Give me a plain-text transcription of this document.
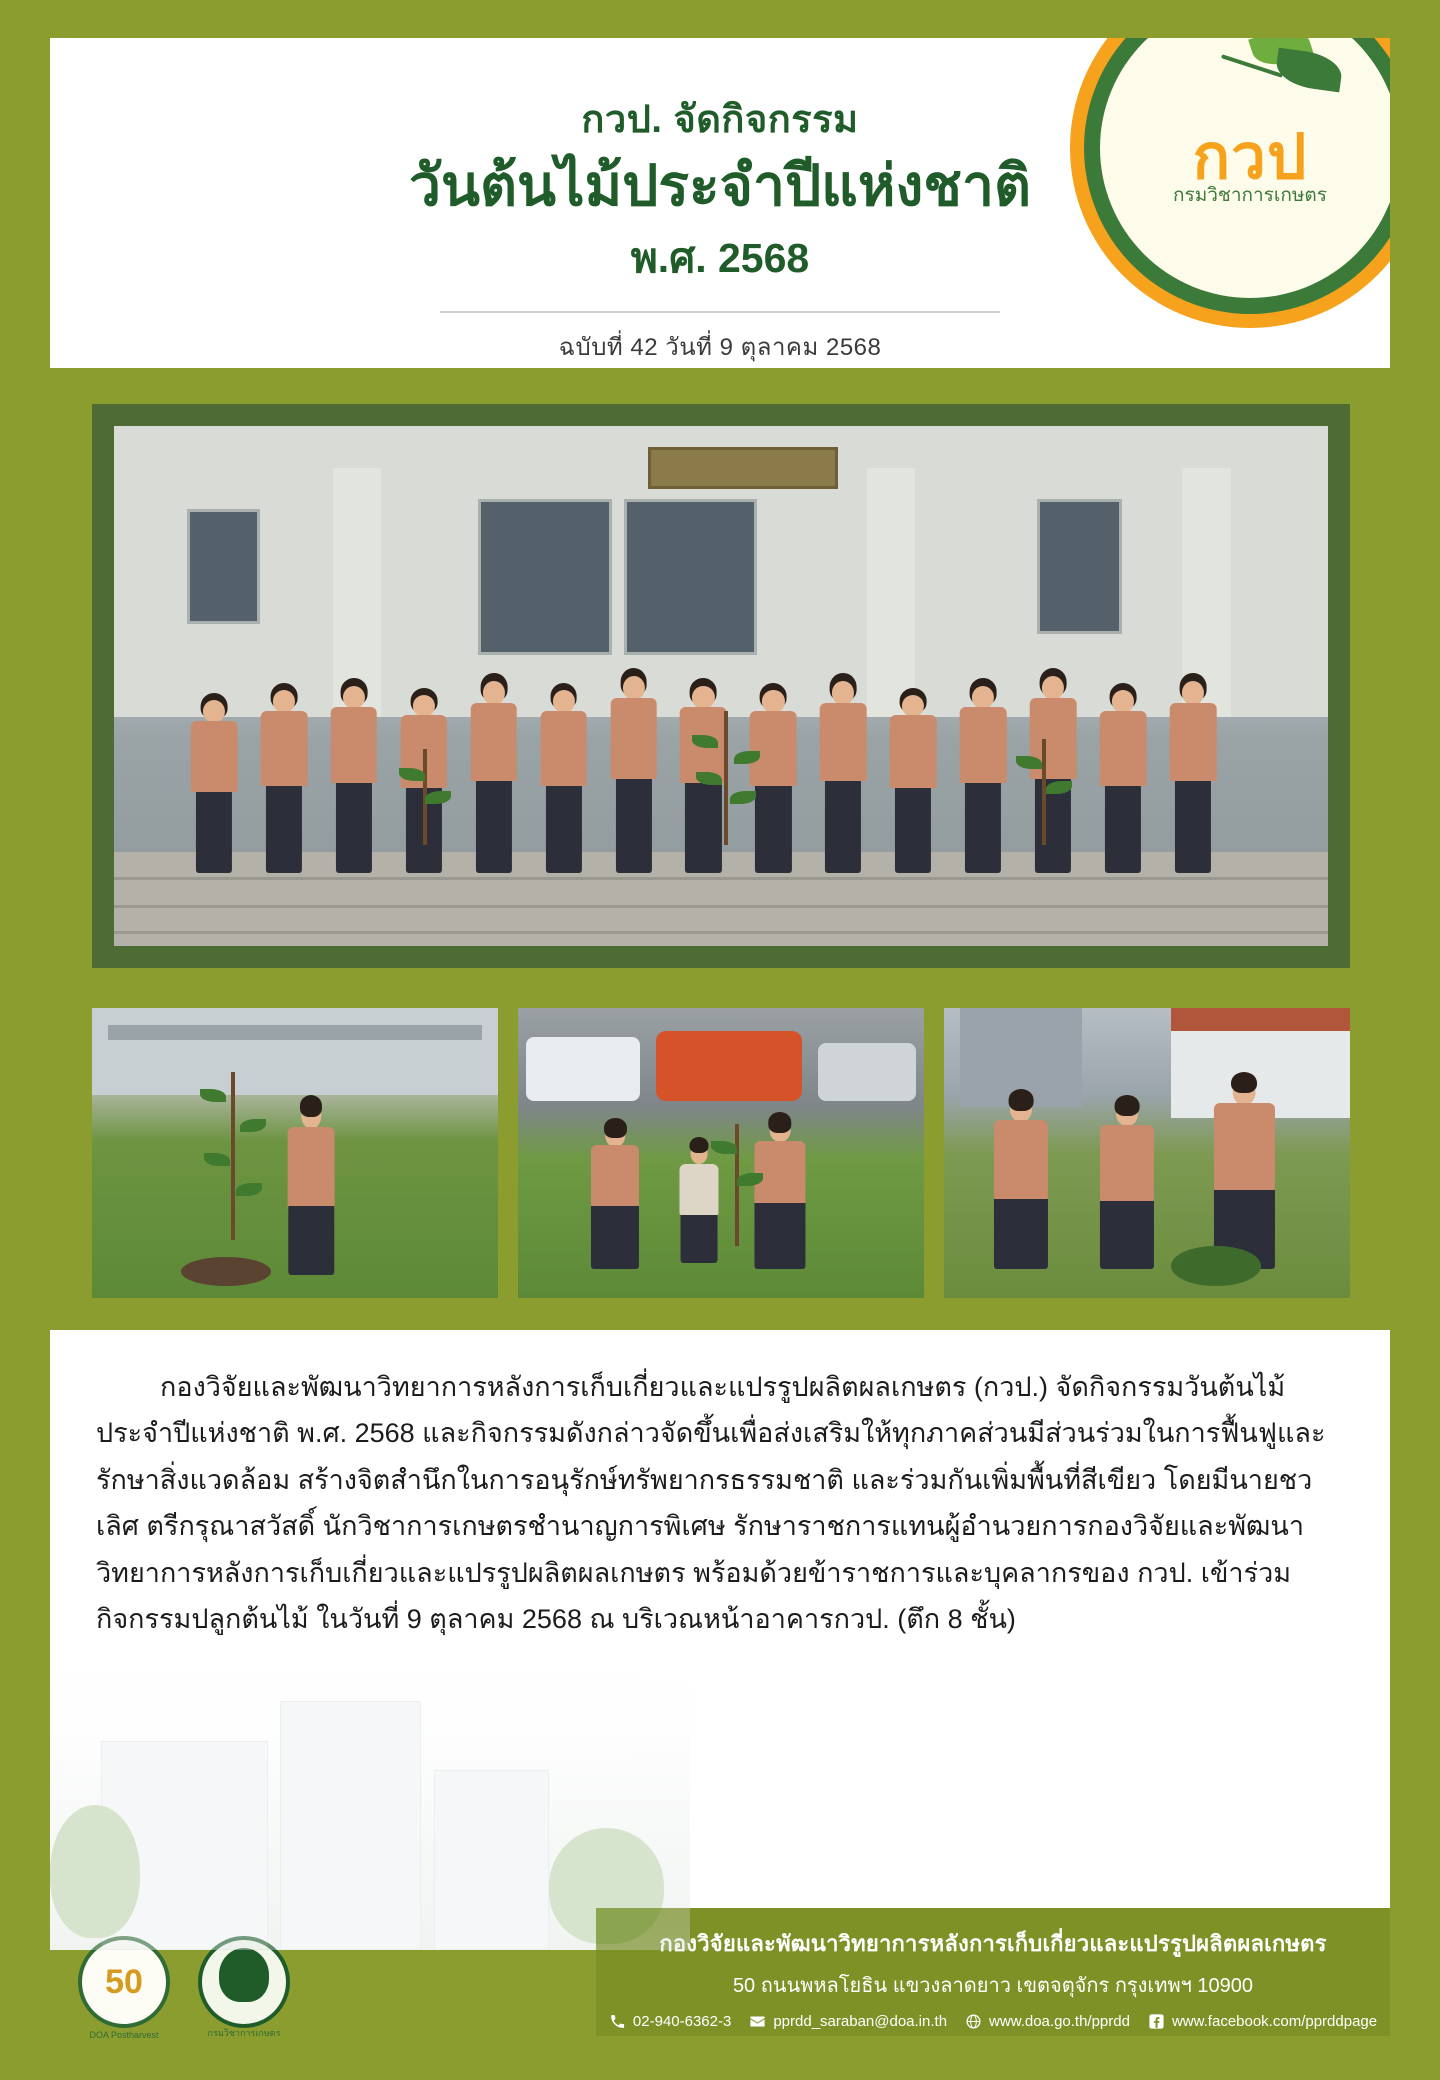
กวป. จัดกิจกรรม
วันต้นไม้ประจำปีแห่งชาติ
พ.ศ. 2568
ฉบับที่ 42 วันที่ 9 ตุลาคม 2568
กวป
กรมวิชาการเกษตร

กองวิจัยและพัฒนาวิทยาการหลังการเก็บเกี่ยวและแปรรูปผลิตผลเกษตร (กวป.) จัดกิจกรรมวันต้นไม้ประจำปีแห่งชาติ พ.ศ. 2568 และกิจกรรมดังกล่าวจัดขึ้นเพื่อส่งเสริมให้ทุกภาคส่วนมีส่วนร่วมในการฟื้นฟูและรักษาสิ่งแวดล้อม สร้างจิตสำนึกในการอนุรักษ์ทรัพยากรธรรมชาติ และร่วมกันเพิ่มพื้นที่สีเขียว โดยมีนายชวเลิศ ตรีกรุณาสวัสดิ์ นักวิชาการเกษตรชำนาญการพิเศษ รักษาราชการแทนผู้อำนวยการกองวิจัยและพัฒนาวิทยาการหลังการเก็บเกี่ยวและแปรรูปผลิตผลเกษตร พร้อมด้วยข้าราชการและบุคลากรของ กวป. เข้าร่วมกิจกรรมปลูกต้นไม้ ในวันที่ 9 ตุลาคม 2568 ณ บริเวณหน้าอาคารกวป. (ตึก 8 ชั้น)

50
DOA Postharvest	กรมวิชาการเกษตร
กองวิจัยและพัฒนาวิทยาการหลังการเก็บเกี่ยวและแปรรูปผลิตผลเกษตร
50 ถนนพหลโยธิน แขวงลาดยาว เขตจตุจักร กรุงเทพฯ 10900
02-940-6362-3	pprdd_saraban@doa.in.th	www.doa.go.th/pprdd	www.facebook.com/pprddpage
